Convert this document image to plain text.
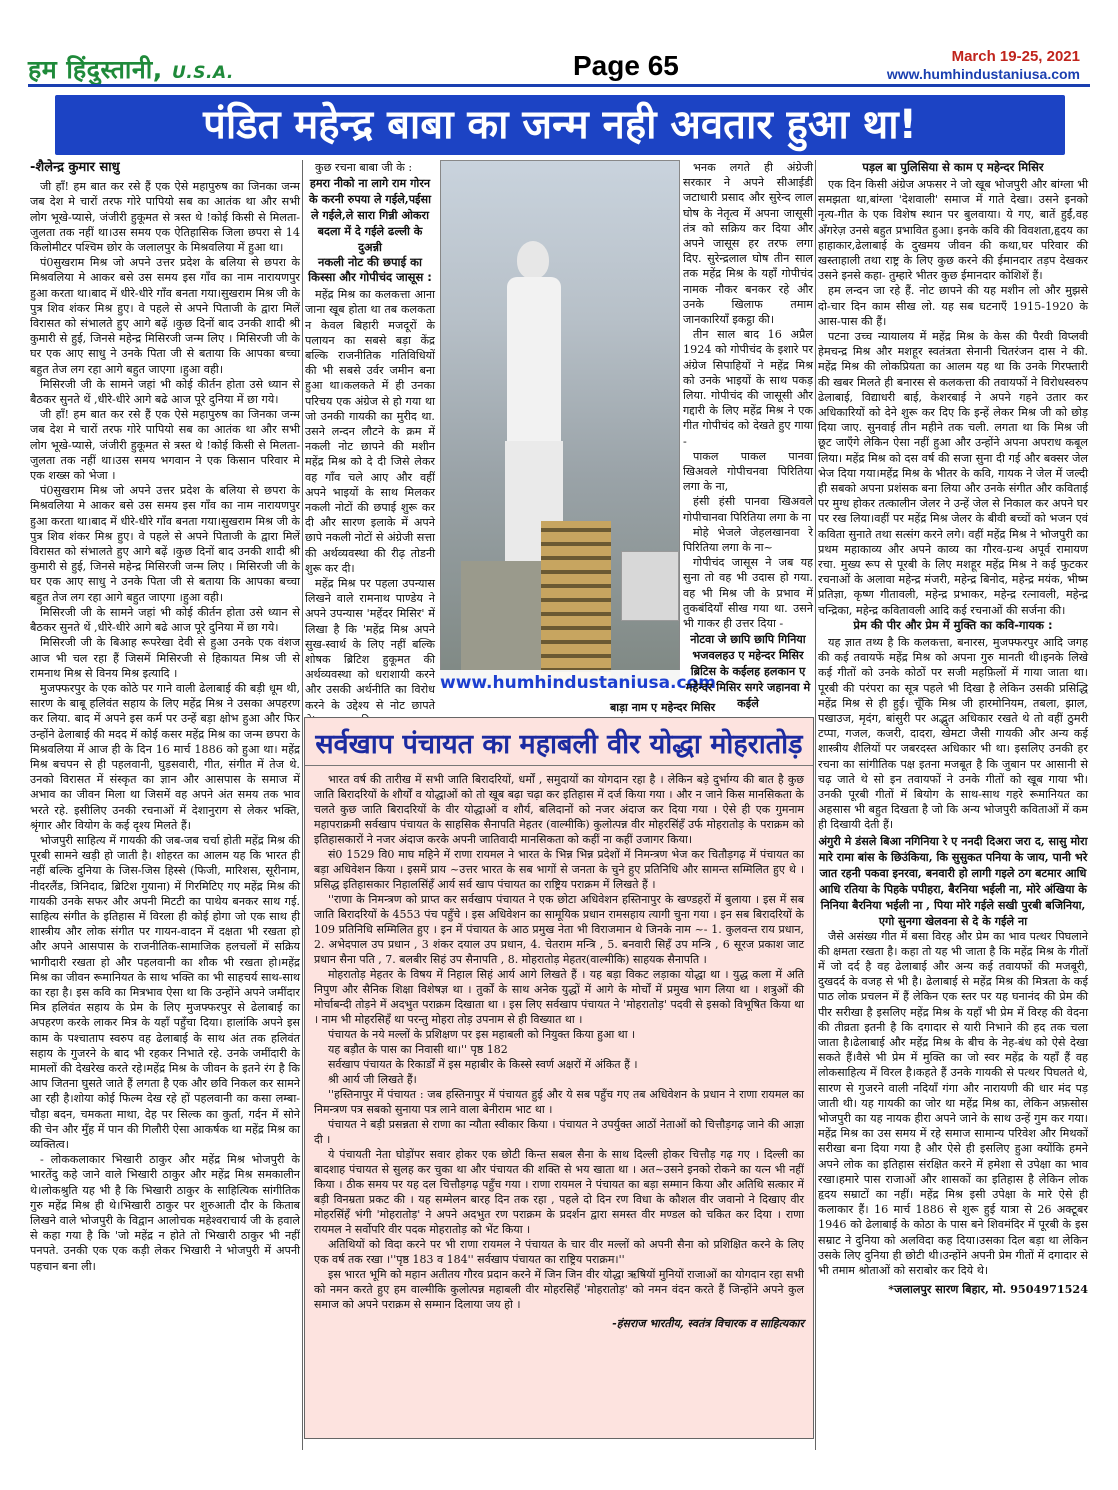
हम हिंदुस्तानी, U.S.A.	Page 65	March 19-25, 2021
www.humhindustaniusa.com
पंडित महेन्द्र बाबा का जन्म नही अवतार हुआ था!
-शैलेन्द्र कुमार साधु

जी हाँ! हम बात कर रसे हैं एक ऐसे महापुरुष का जिनका जन्म जब देश मे चारों तरफ गोरे पापियो सब का आतंक था और सभी लोग भूखे-प्यासे, जंजीरी हुकूमत से त्रस्त थे !कोई किसी से मिलता-जुलता तक नहीं था।उस समय एक ऐतिहासिक जिला छपरा से 14 किलोमीटर पश्चिम छोर के जलालपुर के मिश्रवलिया में हुआ था।

पं0सुखराम मिश्र जो अपने उत्तर प्रदेश के बलिया से छपरा के मिश्रवलिया मे आकर बसे उस समय इस गाँव का नाम नारायणपुर हुआ करता था।बाद में धीरे-धीरे गाँव बनता गया।सुखराम मिश्र जी के पुत्र शिव शंकर मिश्र हुए। वे पहले से अपने पिताजी के द्वारा मिलें विरासत को संभालते हुए आगे बढ़ें ।कुछ दिनों बाद उनकी शादी श्री कुमारी से हुई, जिनसे महेन्द्र मिसिरजी जन्म लिए । मिसिरजी जी के घर एक आए साधु ने उनके पिता जी से बताया कि आपका बच्चा बहुत तेज लग रहा आगे बहुत जाएगा ।हुआ वही।

मिसिरजी जी के सामने जहां भी कोई कीर्तन होता उसे ध्यान से बैठकर सुनते थें ,धीरे-धीरे आगे बढे आज पूरे दुनिया में छा गये।

जी हाँ! हम बात कर रसे हैं एक ऐसे महापुरुष का जिनका जन्म जब देश मे चारों तरफ गोरे पापियो सब का आतंक था और सभी लोग भूखे-प्यासे, जंजीरी हुकूमत से त्रस्त थे !कोई किसी से मिलता-जुलता तक नहीं था।उस समय भगवान ने एक किसान परिवार मे एक शख्स को भेजा ।

पं0सुखराम मिश्र जो अपने उत्तर प्रदेश के बलिया से छपरा के मिश्रवलिया मे आकर बसे उस समय इस गाँव का नाम नारायणपुर हुआ करता था।बाद में धीरे-धीरे गाँव बनता गया।सुखराम मिश्र जी के पुत्र शिव शंकर मिश्र हुए। वे पहले से अपने पिताजी के द्वारा मिलें विरासत को संभालते हुए आगे बढ़ें ।कुछ दिनों बाद उनकी शादी श्री कुमारी से हुई, जिनसे महेन्द्र मिसिरजी जन्म लिए । मिसिरजी जी के घर एक आए साधु ने उनके पिता जी से बताया कि आपका बच्चा बहुत तेज लग रहा आगे बहुत जाएगा ।हुआ वही।

मिसिरजी जी के सामने जहां भी कोई कीर्तन होता उसे ध्यान से बैठकर सुनते थें ,धीरे-धीरे आगे बढे आज पूरे दुनिया में छा गये।

मिसिरजी जी के बिआह रूपरेखा देवी से हुआ उनके एक वंशज आज भी चल रहा हैं जिसमें मिसिरजी से हिकायत मिश्र जी से रामनाथ मिश्र से विनय मिश्र इत्यादि ।

मुजफ्फरपुर के एक कोठे पर गाने वाली ढेलाबाई की बड़ी धूम थी, सारण के बाबू हलिवंत सहाय के लिए महेंद्र मिश्र ने उसका अपहरण कर लिया. बाद में अपने इस कर्म पर उन्हें बड़ा क्षोभ हुआ और फिर उन्होंने ढेलाबाई की मदद में कोई कसर महेंद्र मिश्र का जन्म छपरा के मिश्रवलिया में आज ही के दिन 16 मार्च 1886 को हुआ था। महेंद्र मिश्र बचपन से ही पहलवानी, घुड़सवारी, गीत, संगीत में तेज थे. उनको विरासत में संस्कृत का ज्ञान और आसपास के समाज में अभाव का जीवन मिला था जिसमें वह अपने अंत समय तक भाव भरते रहे. इसीलिए उनकी रचनाओं में देशानुराग से लेकर भक्ति, श्रृंगार और वियोग के कई दृश्य मिलते हैं।

भोजपुरी साहित्य में गायकी की जब-जब चर्चा होती महेंद्र मिश्र की पूरबी सामने खड़ी हो जाती है। शोहरत का आलम यह कि भारत ही नहीं बल्कि दुनिया के जिस-जिस हिस्से (फिजी, मारिशस, सूरीनाम, नीदरलैंड, त्रिनिदाद, ब्रिटिश गुयाना) में गिरमिटिए गए महेंद्र मिश्र की गायकी उनके सफर और अपनी मिटटी का पाथेय बनकर साथ गई. साहित्य संगीत के इतिहास में विरला ही कोई होगा जो एक साथ ही शास्त्रीय और लोक संगीत पर गायन-वादन में दक्षता भी रखता हो और अपने आसपास के राजनीतिक-सामाजिक हलचलों में सक्रिय भागीदारी रखता हो और पहलवानी का शौक भी रखता हो।महेंद्र मिश्र का जीवन रूमानियत के साथ भक्ति का भी साहचर्य साथ-साथ का रहा है। इस कवि का मित्रभाव ऐसा था कि उन्होंने अपने जमींदार मित्र हलिवंत सहाय के प्रेम के लिए मुजफ्फरपुर से ढेलाबाई का अपहरण करके लाकर मित्र के यहाँ पहुँचा दिया। हालांकि अपने इस काम के पश्चाताप स्वरुप वह ढेलाबाई के साथ अंत तक हलिवंत सहाय के गुजरने के बाद भी रहकर निभाते रहे. उनके जमींदारी के मामलों की देखरेख करते रहे।महेंद्र मिश्र के जीवन के इतने रंग है कि आप जितना घुसते जाते हैं लगता है एक और छवि निकल कर सामने आ रही है।शोया कोई फिल्म देख रहे हों पहलवानी का कसा लम्बा-चौड़ा बदन, चमकता माथा, देह पर सिल्क का कुर्ता, गर्दन में सोने की चेन और मुँह में पान की गिलौरी ऐसा आकर्षक था महेंद्र मिश्र का व्यक्तित्व।

- लोककलाकार भिखारी ठाकुर और महेंद्र मिश्र भोजपुरी के भारतेंदु कहे जाने वाले भिखारी ठाकुर और महेंद्र मिश्र समकालीन थे।लोकश्रुति यह भी है कि भिखारी ठाकुर के साहित्यिक सांगीतिक गुरु महेंद्र मिश्र ही थे।भिखारी ठाकुर पर शुरुआती दौर के किताब लिखने वाले भोजपुरी के विद्वान आलोचक महेश्वराचार्य जी के हवाले से कहा गया है कि 'जो महेंद्र न होते तो भिखारी ठाकुर भी नहीं पनपते. उनकी एक एक कड़ी लेकर भिखारी ने भोजपुरी में अपनी पहचान बना ली।

कुछ रचना बाबा जी के :

हमरा नीको ना लागे राम गोरन के करनी रुपया ले गईले,पईसा ले गईले,ले सारा गिन्नी ओकरा बदला में दे गईले ढल्ली के दुअन्नी
नकली नोट की छपाई का किस्सा और गोपीचंद जासूस :

महेंद्र मिश्र का कलकत्ता आना जाना खूब होता था तब कलकता न केवल बिहारी मजदूरों के पलायन का सबसे बड़ा केंद्र बल्कि राजनीतिक गतिविधियों की भी सबसे उर्वर जमीन बना हुआ था।कलकते में ही उनका परिचय एक अंग्रेज से हो गया था जो उनकी गायकी का मुरीद था. उसने लन्दन लौटने के क्रम में नकली नोट छापने की मशीन महेंद्र मिश्र को दे दी जिसे लेकर वह गाँव चले आए और वहीं अपने भाइयों के साथ मिलकर नकली नोटों की छपाई शुरू कर दी और सारण इलाके में अपने छापे नकली नोटों से अंग्रेजी सत्ता की अर्थव्यवस्था की रीढ़ तोडनी शुरू कर दी।

महेंद्र मिश्र पर पहला उपन्यास लिखने वाले रामनाथ पाण्डेय ने अपने उपन्यास 'महेंदर मिसिर' में लिखा है कि 'महेंद्र मिश्र अपने सुख-स्वार्थ के लिए नहीं बल्कि शोषक ब्रिटिश हुकूमत की अर्थव्यवस्था को धराशायी करने और उसकी अर्थनीति का विरोध करने के उद्देश्य से नोट छापते

www.humhindustaniusa.com

भनक लगते ही अंग्रेजी सरकार ने अपने सीआईडी जटाधारी प्रसाद और सुरेन्द लाल घोष के नेतृत्व में अपना जासूसी तंत्र को सक्रिय कर दिया और अपने जासूस हर तरफ लगा दिए. सुरेन्द्रलाल घोष तीन साल तक महेंद्र मिश्र के यहाँ गोपीचंद नामक नौकर बनकर रहे और उनके खिलाफ तमाम जानकारियाँ इकट्ठा की।

तीन साल बाद 16 अप्रैल 1924 को गोपीचंद के इशारे पर अंग्रेज सिपाहियों ने महेंद्र मिश्र को उनके भाइयों के साथ पकड़ लिया. गोपीचंद की जासूसी और गद्दारी के लिए महेंद्र मिश्र ने एक गीत गोपीचंद को देखते हुए गाया -

पाकल पाकल पानवा खिअवले गोपीचनवा पिरितिया लगा के ना,

हंसी हंसी पानवा खिअवले गोपीचानवा पिरितिया लगा के ना

मोहे भेजले जेहलखानवा रे पिरितिया लगा के ना~

गोपीचंद जासूस ने जब यह सुना तो वह भी उदास हो गया. वह भी मिश्र जी के प्रभाव में तुकबंदियाँ सीख गया था. उसने भी गाकर ही उत्तर दिया -

नोटवा जे छापि छापि गिनिया भजवलहउ ए महेन्दर मिसिर ब्रिटिस के कईलह हलकान ए महेन्दर मिसिर सगरे जहानवा मे कईले
बाड़ा नाम ए महेन्दर मिसिर
सर्वखाप पंचायत का महाबली वीर योद्धा मोहरातोड़

भारत वर्ष की तारीख में सभी जाति बिरादरियों, धर्मों , समुदायों का योगदान रहा है । लेकिन बड़े दुर्भाग्य की बात है कुछ जाति बिरादरियों के शौर्यों व योद्धाओं को तो खूब बढ़ा चढ़ा कर इतिहास में दर्ज किया गया । और न जाने किस मानसिकता के चलते कुछ जाति बिरादरियों के वीर योद्धाओं व शौर्य, बलिदानों को नजर अंदाज कर दिया गया । ऐसे ही एक गुमनाम महापराक्रमी सर्वखाप पंचायत के साहसिक सैनापति मेहतर (वाल्मीकि) कुलोत्पन्न वीर मोहरसिंहँ उर्फ मोहरातोड़ के पराक्रम को इतिहासकारों ने नजर अंदाज करके अपनी जातिवादी मानसिकता को कहीं ना कहीं उजागर किया।

सं0 1529 वि0 माघ महिने में राणा रायमल ने भारत के भिन्न भिन्न प्रदेशों में निमन्त्रण भेज कर चितौड़गढ़ में पंचायत का बड़ा अधिवेशन किया । इसमें प्राय ~उत्तर भारत के सब भागों से जनता के चुने हुए प्रतिनिधि और सामन्त सम्मिलित हुए थे । प्रसिद्ध इतिहासकार निहालसिंहँ आर्य सर्व खाप पंचायत का राष्ट्रिय पराक्रम में लिखते हैं ।

''राणा के निमन्त्रण को प्राप्त कर सर्वखाप पंचायत ने एक छोटा अधिवेशन हस्तिनापुर के खण्डहरों में बुलाया । इस में सब जाति बिरादरियों के 4553 पंच पहुँचे । इस अधिवेशन का सामूयिक प्रधान रामसहाय त्यागी चुना गया । इन सब बिरादरियों के 109 प्रतिनिधि सम्मिलित हुए । इन में पंचायत के आठ प्रमुख नेता भी विराजमान थे जिनके नाम ~- 1. कुलवन्त राय प्रधान, 2. अभेदपाल उप प्रधान , 3 शंकर दयाल उप प्रधान, 4. चेतराम मन्त्रि , 5. बनवारी सिहँ उप मन्त्रि , 6 सूरज प्रकाश जाट प्रधान सैना पति , 7. बलबीर सिहं उप सैनापति , 8. मोहरातोड़ मेहतर(वाल्मीकि) साहयक सैनापति ।

मोहरातोड़ मेहतर के विषय में निहाल सिहं आर्य आगे लिखते हैं । यह बड़ा विकट लड़ाका योद्धा था । युद्ध कला में अति निपुण और सैनिक शिक्षा विशेषज्ञ था । तुर्कों के साथ अनेक युद्धों में आगे के मोर्चों में प्रमुख भाग लिया था । शत्रुओं की मोर्चाबन्दी तोड़ने में अदभुत पराक्रम दिखाता था । इस लिए सर्वखाप पंचायत ने 'मोहरातोड़' पदवी से इसको विभूषित किया था । नाम भी मोहरसिहँ था परन्तु मोहरा तोड़ उपनाम से ही विख्यात था ।

पंचायत के नये मल्लों के प्रशिक्षण पर इस महाबली को नियुक्त किया हुआ था ।

यह बड़ौत के पास का निवासी था।'' पृष्ठ 182

सर्वखाप पंचायत के रिकार्डों में इस महाबीर के किस्से स्वर्ण अक्षरों में अंकित हैं ।

श्री आर्य जी लिखते हैं।

''हस्तिनापुर में पंचायत : जब हस्तिनापुर में पंचायत हुई और ये सब पहुँच गए तब अधिवेशन के प्रधान ने राणा रायमल का निमन्त्रण पत्र सबको सुनाया पत्र लाने वाला बेनीराम भाट था ।

पंचायत ने बड़ी प्रसन्नता से राणा का न्यौता स्वीकार किया । पंचायत ने उपर्युक्त आठों नेताओं को चित्तौड़गढ़ जाने की आज्ञा दी ।

ये पंचायती नेता घोड़ोंपर सवार होकर एक छोटी किन्त सबल सैना के साथ दिल्ली होकर चित्तौड़ गढ़ गए । दिल्ली का बादशाह पंचायत से सुलह कर चुका था और पंचायत की शक्ति से भय खाता था । अत~उसने इनको रोकने का यत्न भी नहीं किया । ठीक समय पर यह दल चित्तौड़गढ़ पहुँच गया । राणा रायमल ने पंचायत का बड़ा सम्मान किया और अतिथि सत्कार में बड़ी विनम्रता प्रकट की । यह सम्मेलन बारह दिन तक रहा , पहले दो दिन रण विधा के कौशल वीर जवानो ने दिखाए वीर मोहरसिंहँ भंगी 'मोहरातोड़' ने अपने अदभुत रण पराक्रम के प्रदर्शन द्वारा समस्त वीर मण्डल को चकित कर दिया । राणा रायमल ने सर्वोपरि वीर पदक मोहरातोड़ को भेंट किया ।

अतिथियों को विदा करने पर भी राणा रायमल ने पंचायत के चार वीर मल्लों को अपनी सैना को प्रशिक्षित करने के लिए एक वर्ष तक रखा ।''पृष्ठ 183 व 184'' सर्वखाप पंचायत का राष्ट्रिय पराक्रम।''

इस भारत भूमि को महान अतीतय गौरव प्रदान करने में जिन जिन वीर योद्धा ऋषियों मुनियों राजाओं का योगदान रहा सभी को नमन करते हुए हम वाल्मीकि कुलोत्पन्न महाबली वीर मोहरसिहँ 'मोहरातोड़' को नमन वंदन करते हैं जिन्होंने अपने कुल समाज को अपने पराक्रम से सम्मान दिलाया जय हो ।

-हंसराज भारतीय, स्वतंत्र विचारक व साहित्यकार
पड़ल बा पुलिसिया से काम ए महेन्दर मिसिर

एक दिन किसी अंग्रेज अफसर ने जो खूब भोजपुरी और बांग्ला भी समझता था,बांग्ला 'देशवाली' समाज में गाते देखा। उसने इनको नृत्य-गीत के एक विशेष स्थान पर बुलवाया। ये गए, बातें हुईं,वह अँगरेज़ उनसे बहुत प्रभावित हुआ। इनके कवि की विवशता,हृदय का हाहाकार,ढेलाबाई के दुखमय जीवन की कथा,घर परिवार की खस्ताहाली तथा राष्ट्र के लिए कुछ करने की ईमानदार तड़प देखकर उसने इनसे कहा- तुम्हारे भीतर कुछ ईमानदार कोशिशें हैं।

हम लन्दन जा रहे हैं. नोट छापने की यह मशीन लो और मुझसे दो-चार दिन काम सीख लो. यह सब घटनाएँ 1915-1920 के आस-पास की हैं।

पटना उच्च न्यायालय में महेंद्र मिश्र के केस की पैरवी विप्लवी हेमचन्द्र मिश्र और मशहूर स्वतंत्रता सेनानी चितरंजन दास ने की. महेंद्र मिश्र की लोकप्रियता का आलम यह था कि उनके गिरफ्तारी की खबर मिलते ही बनारस से कलकत्ता की तवायफों ने विरोधस्वरुप ढेलाबाई, विद्याधरी बाई, केशरबाई ने अपने गहने उतार कर अधिकारियों को देने शुरू कर दिए कि इन्हें लेकर मिश्र जी को छोड़ दिया जाए. सुनवाई तीन महीने तक चली. लगता था कि मिश्र जी छूट जाएँगे लेकिन ऐसा नहीं हुआ और उन्होंने अपना अपराध कबूल लिया। महेंद्र मिश्र को दस वर्ष की सजा सुना दी गई और बक्सर जेल भेज दिया गया।महेंद्र मिश्र के भीतर के कवि, गायक ने जेल में जल्दी ही सबको अपना प्रशंसक बना लिया और उनके संगीत और कविताई पर मुग्ध होकर तत्कालीन जेलर ने उन्हें जेल से निकाल कर अपने घर पर रख लिया।वहीं पर महेंद्र मिश्र जेलर के बीवी बच्चों को भजन एवं कविता सुनाते तथा सत्संग करने लगे। वहीं महेंद्र मिश्र ने भोजपुरी का प्रथम महाकाव्य और अपने काव्य का गौरव-ग्रन्थ अपूर्व रामायण रचा. मुख्य रूप से पूरबी के लिए मशहूर महेंद्र मिश्र ने कई फुटकर रचनाओं के अलावा महेन्द्र मंजरी, महेन्द्र बिनोद, महेन्द्र मयंक, भीष्म प्रतिज्ञा, कृष्ण गीतावली, महेन्द्र प्रभाकर, महेन्द्र रत्नावली, महेन्द्र चन्द्रिका, महेन्द्र कवितावली आदि कई रचनाओं की सर्जना की।

प्रेम की पीर और प्रेम में मुक्ति का कवि-गायक :

यह ज्ञात तथ्य है कि कलकत्ता, बनारस, मुजफ्फरपुर आदि जगह की कई तवायफें महेंद्र मिश्र को अपना गुरु मानती थी।इनके लिखे कई गीतों को उनके कोठों पर सजी महफ़िलों में गाया जाता था। पूरबी की परंपरा का सूत्र पहले भी दिखा है लेकिन उसकी प्रसिद्धि महेंद्र मिश्र से ही हुई। चूँकि मिश्र जी हारमोनियम, तबला, झाल, पखाउज, मृदंग, बांसुरी पर अद्भुत अधिकार रखते थे तो वहीं ठुमरी टप्पा, गजल, कजरी, दादरा, खेमटा जैसी गायकी और अन्य कई शास्त्रीय शैलियों पर जबरदस्त अधिकार भी था। इसलिए उनकी हर रचना का सांगीतिक पक्ष इतना मजबूत है कि जुबान पर आसानी से चढ़ जाते थे सो इन तवायफों ने उनके गीतों को खूब गाया भी। उनकी पूरबी गीतों में बियोग के साथ-साथ गहरे रूमानियत का अहसास भी बहुत दिखता है जो कि अन्य भोजपुरी कविताओं में कम ही दिखायी देती हैं।

अंगुरी मे डंसले बिआ नगिनिया रे ए ननदी दिअरा जरा द, सासु मोरा मारे रामा बांस के छिउंकिया, कि सुसुकत पनिया के जाय, पानी भरे जात रहनी पकवा इनरवा, बनवारी हो लागी गइले ठग बटमार आधि आधि रतिया के पिहके पपीहरा, बैरनिया भईली ना, मोरे अंखिया के निनिया बैरनिया भईली ना , पिया मोरे गईले सखी पुरबी बजिनिया, एगो सुनगा खेलवना से दे के गईले ना

जैसे असंख्य गीत में बसा विरह और प्रेम का भाव पत्थर पिघलाने की क्षमता रखता है। कहा तो यह भी जाता है कि महेंद्र मिश्र के गीतों में जो दर्द है वह ढेलाबाई और अन्य कई तवायफों की मजबूरी, दुखदर्द के वजह से भी है। ढेलाबाई से महेंद्र मिश्र की मित्रता के कई पाठ लोक प्रचलन में हैं लेकिन एक स्तर पर यह घनानंद की प्रेम की पीर सरीखा है इसलिए महेंद्र मिश्र के यहाँ भी प्रेम में विरह की वेदना की तीव्रता इतनी है कि दगादार से यारी निभाने की हद तक चला जाता है।ढेलाबाई और महेंद्र मिश्र के बीच के नेह-बंध को ऐसे देखा सकते हैं।वैसे भी प्रेम में मुक्ति का जो स्वर महेंद्र के यहाँ हैं वह लोकसाहित्य में विरल है।कहते हैं उनके गायकी से पत्थर पिघलते थे, सारण से गुजरने वाली नदियाँ गंगा और नारायणी की धार मंद पड़ जाती थी। यह गायकी का जोर था महेंद्र मिश्र का, लेकिन अफ़सोस भोजपुरी का यह नायक हीरा अपने जाने के साथ उन्हें गुम कर गया।महेंद्र मिश्र का उस समय में रहे समाज सामान्य परिवेश और मिथकों सरीखा बना दिया गया है और ऐसे ही इसलिए हुआ क्योंकि हमने अपने लोक का इतिहास संरक्षित करने में हमेशा से उपेक्षा का भाव रखा।हमारे पास राजाओं और शासकों का इतिहास है लेकिन लोक हृदय सम्राटों का नहीं। महेंद्र मिश्र इसी उपेक्षा के मारे ऐसे ही कलाकार हैं। 16 मार्च 1886 से शुरू हुई यात्रा से 26 अक्टूबर 1946 को ढेलाबाई के कोठा के पास बने शिवमंदिर में पूरबी के इस सम्राट ने दुनिया को अलविदा कह दिया।उसका दिल बड़ा था लेकिन उसके लिए दुनिया ही छोटी थी।उन्होंने अपनी प्रेम गीतों में दगादार से भी तमाम श्रोताओं को सराबोर कर दिये थे।

*जलालपुर सारण बिहार, मो. 9504971524
